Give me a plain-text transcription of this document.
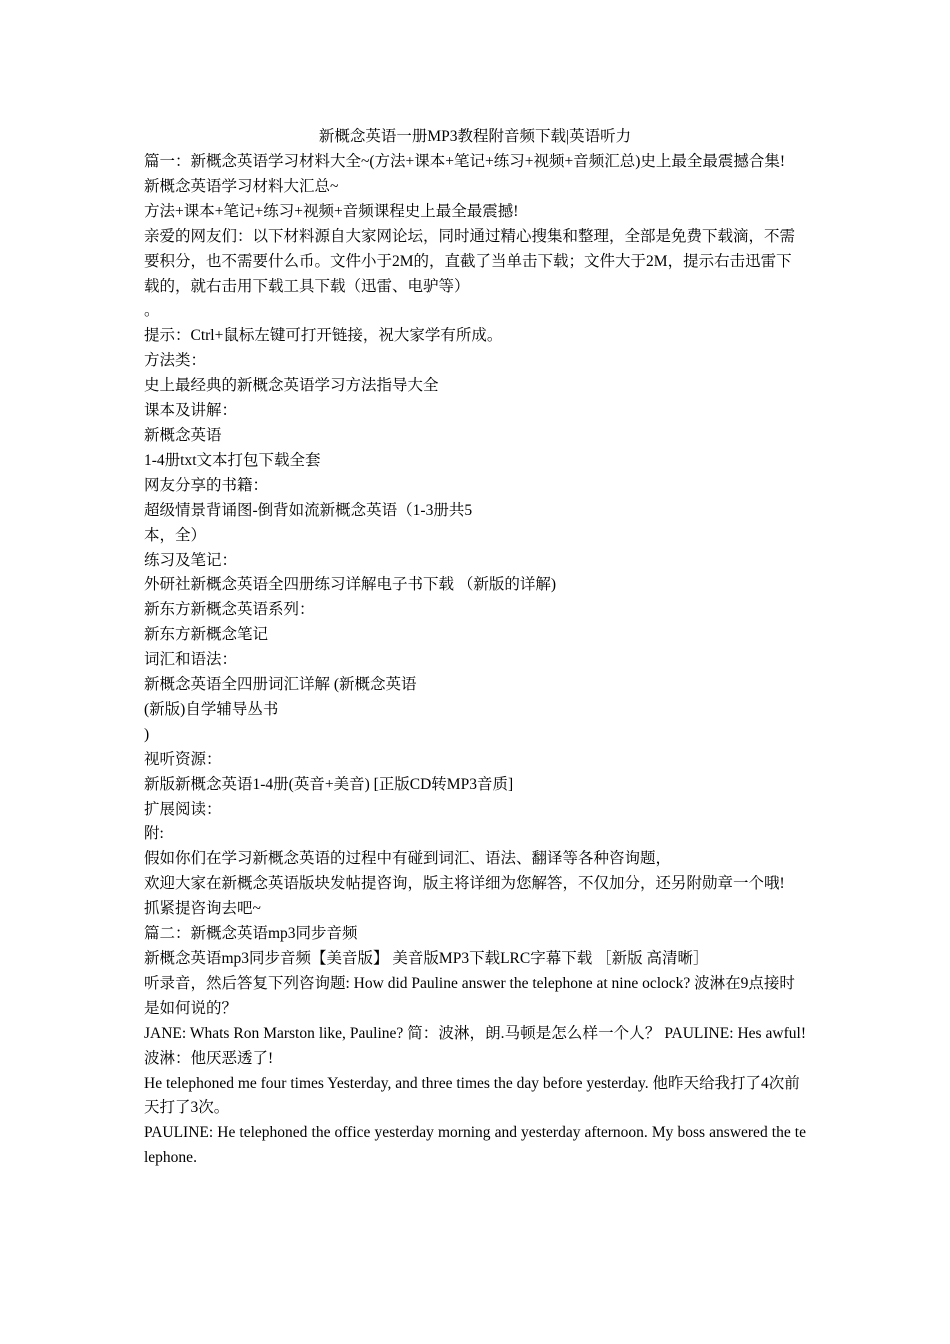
新概念英语一册MP3教程附音频下载|英语听力

篇一：新概念英语学习材料大全~(方法+课本+笔记+练习+视频+音频汇总)史上最全最震撼合集!

新概念英语学习材料大汇总~

方法+课本+笔记+练习+视频+音频课程史上最全最震撼!

亲爱的网友们：以下材料源自大家网论坛，同时通过精心搜集和整理，全部是免费下载滴，不需要积分，也不需要什么币。文件小于2M的，直截了当单击下载；文件大于2M，提示右击迅雷下载的，就右击用下载工具下载（迅雷、电驴等）

。

提示：Ctrl+鼠标左键可打开链接，祝大家学有所成。

方法类：

史上最经典的新概念英语学习方法指导大全

课本及讲解：

新概念英语

1-4册txt文本打包下载全套

网友分享的书籍：

超级情景背诵图-倒背如流新概念英语（1-3册共5

本，全）

练习及笔记：

外研社新概念英语全四册练习详解电子书下载 （新版的详解)

新东方新概念英语系列：

新东方新概念笔记

词汇和语法：

新概念英语全四册词汇详解 (新概念英语

(新版)自学辅导丛书

)

视听资源：

新版新概念英语1-4册(英音+美音) [正版CD转MP3音质]

扩展阅读：

附:

假如你们在学习新概念英语的过程中有碰到词汇、语法、翻译等各种咨询题，

欢迎大家在新概念英语版块发帖提咨询，版主将详细为您解答，不仅加分，还另附勋章一个哦!

抓紧提咨询去吧~

篇二：新概念英语mp3同步音频

新概念英语mp3同步音频【美音版】 美音版MP3下载LRC字幕下载 ［新版 高清晰］

听录音，然后答复下列咨询题: How did Pauline answer the telephone at nine oclock? 波淋在9点接时是如何说的？

JANE: Whats Ron Marston like, Pauline? 简：波淋，朗.马顿是怎么样一个人？ PAULINE: Hes awful! 波淋：他厌恶透了!

He telephoned me four times Yesterday, and three times the day before yesterday. 他昨天给我打了4次前天打了3次。

PAULINE: He telephoned the office yesterday morning and yesterday afternoon. My boss answered the telephone.
